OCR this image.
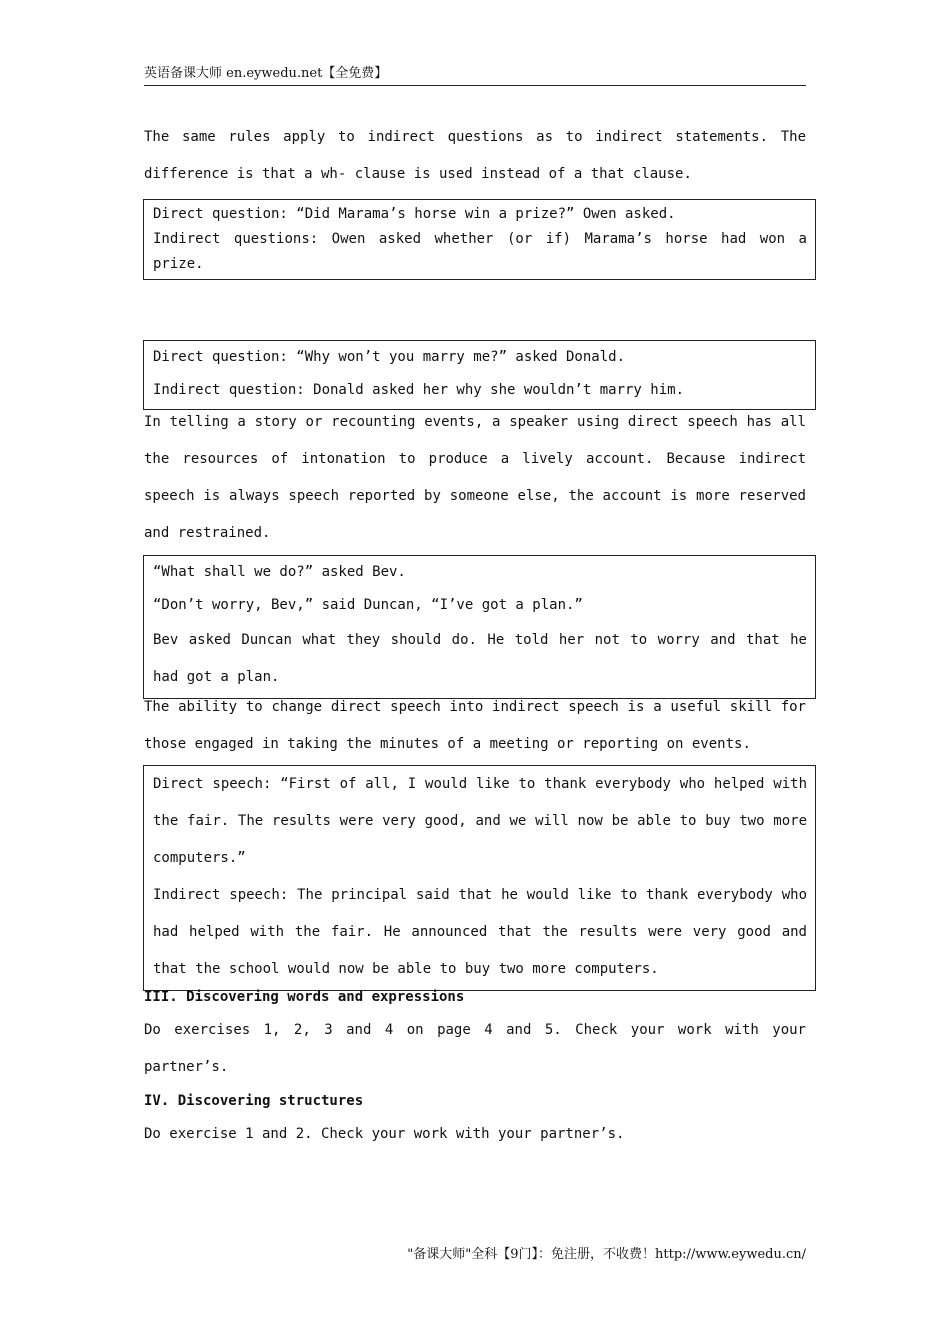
英语备课大师 en.eywedu.net【全免费】
The same rules apply to indirect questions as to indirect statements. The difference is that a wh- clause is used instead of a that clause.
Direct question: “Did Marama’s horse win a prize?” Owen asked.
Indirect questions: Owen asked whether (or if) Marama’s horse had won a prize.
Direct question: “Why won’t you marry me?” asked Donald.
Indirect question: Donald asked her why she wouldn’t marry him.
In telling a story or recounting events, a speaker using direct speech has all the resources of intonation to produce a lively account. Because indirect speech is always speech reported by someone else, the account is more reserved and restrained.
“What shall we do?” asked Bev.
“Don’t worry, Bev,” said Duncan, “I’ve got a plan.”
Bev asked Duncan what they should do. He told her not to worry and that he had got a plan.
The ability to change direct speech into indirect speech is a useful skill for those engaged in taking the minutes of a meeting or reporting on events.
Direct speech: “First of all, I would like to thank everybody who helped with the fair. The results were very good, and we will now be able to buy two more computers.”
Indirect speech: The principal said that he would like to thank everybody who had helped with the fair. He announced that the results were very good and that the school would now be able to buy two more computers.
III. Discovering words and expressions
Do exercises 1, 2, 3 and 4 on page 4 and 5. Check your work with your partner’s.
IV. Discovering structures
Do exercise 1 and 2. Check your work with your partner’s.
"备课大师"全科【9门】：免注册，不收费！http://www.eywedu.cn/
